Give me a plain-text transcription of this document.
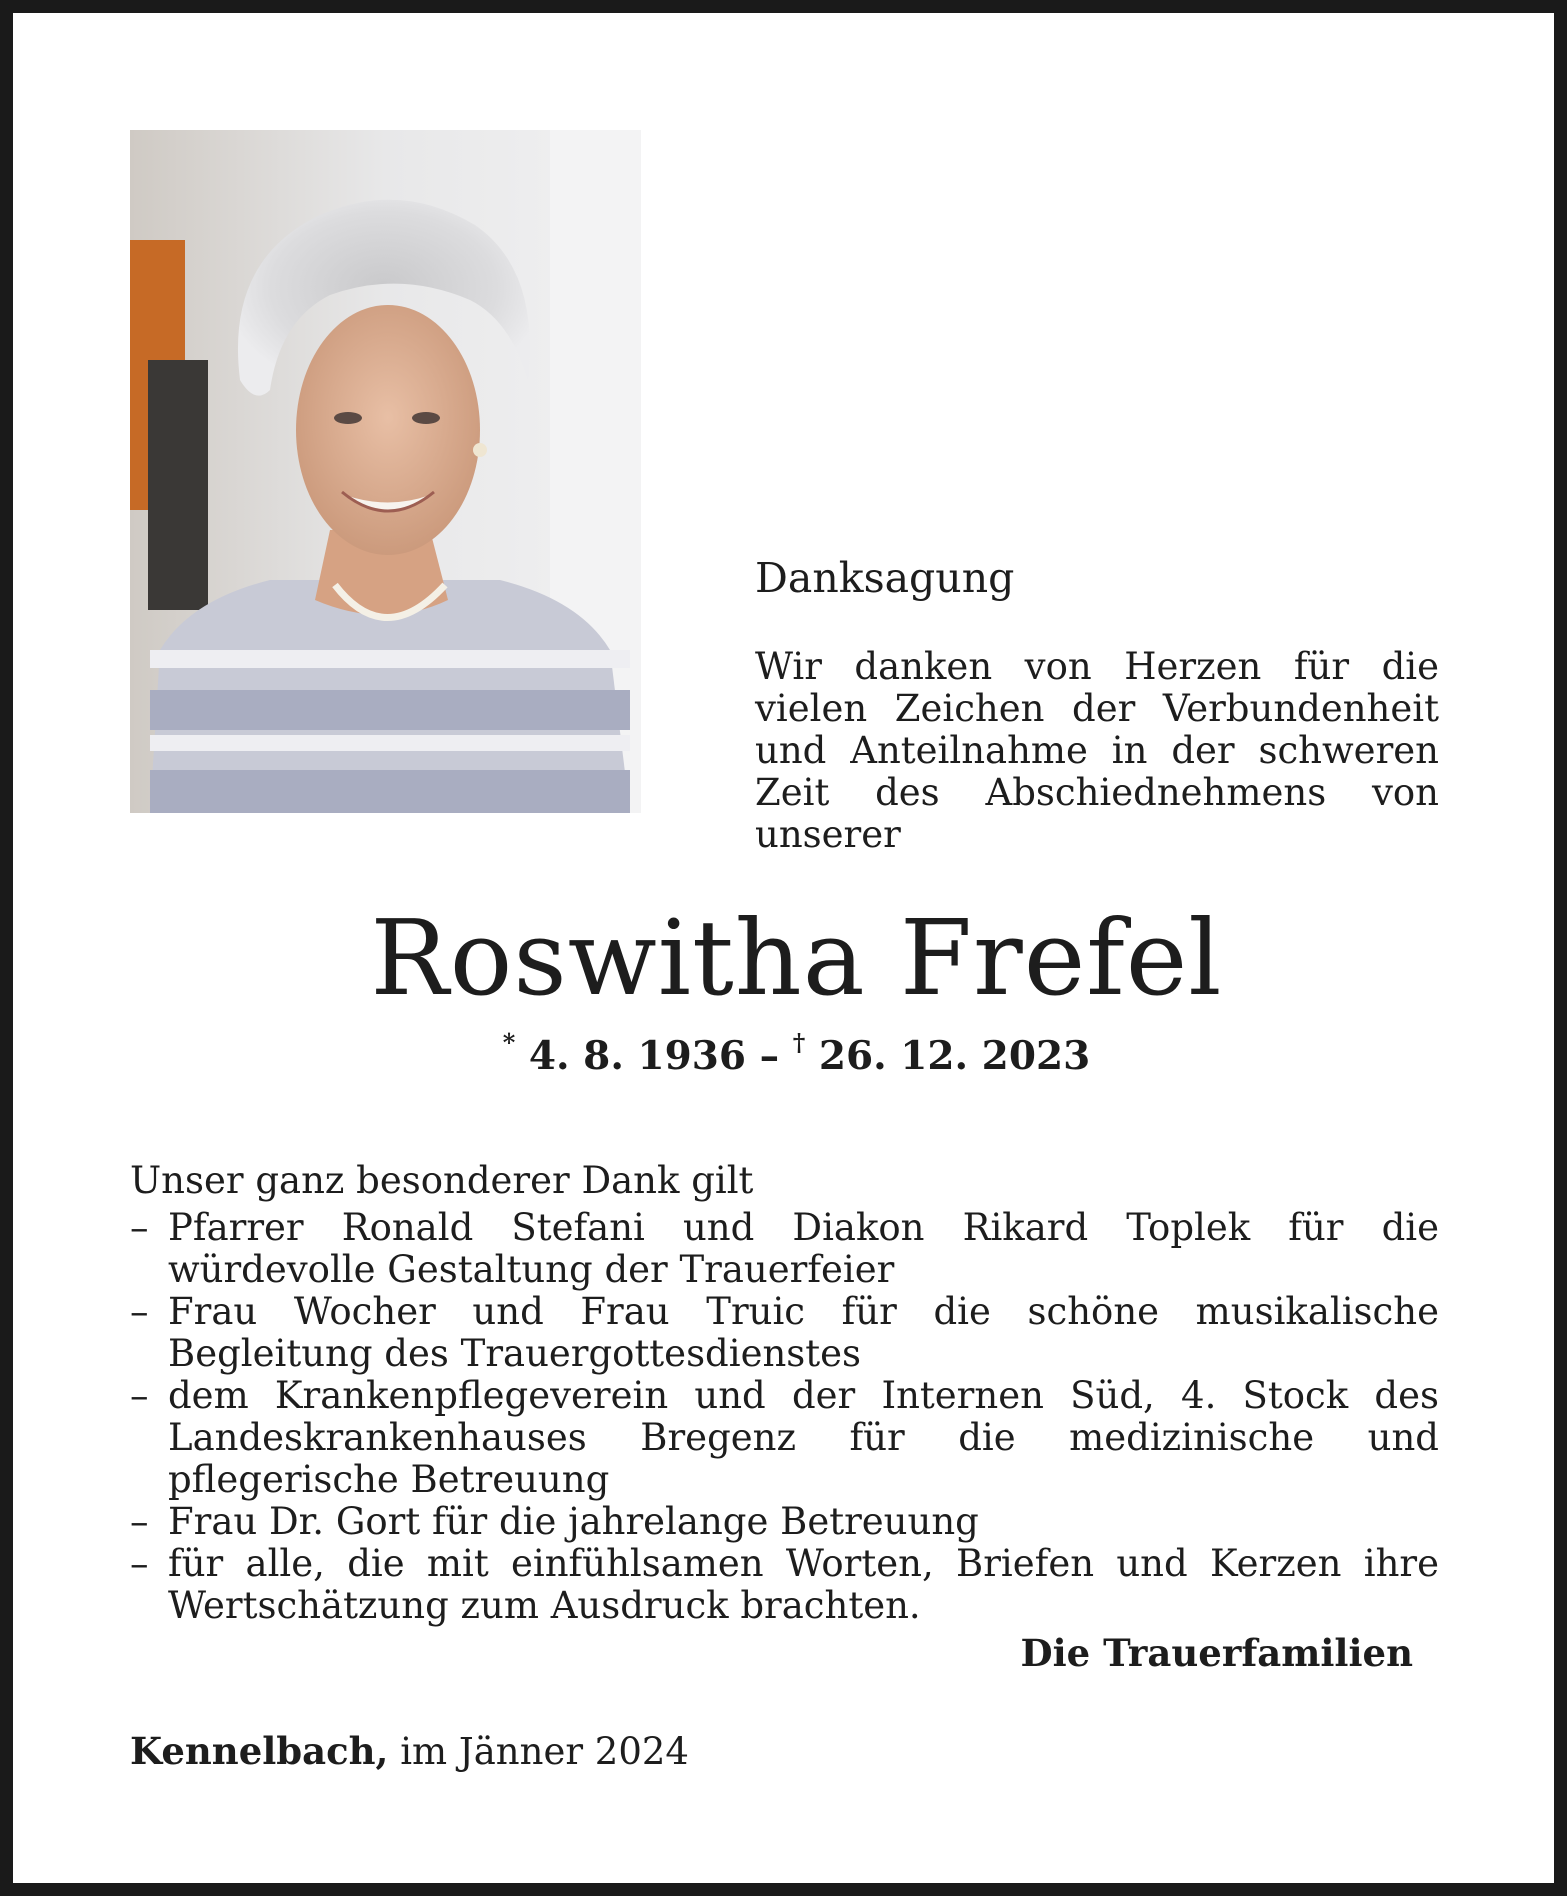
Danksagung

Wir danken von Herzen für die vielen Zeichen der Verbundenheit und Anteilnahme in der schweren Zeit des Abschiednehmens von unserer

Roswitha Frefel
* 4. 8. 1936 – † 26. 12. 2023

Unser ganz besonderer Dank gilt

– Pfarrer Ronald Stefani und Diakon Rikard Toplek für die würdevolle Gestaltung der Trauerfeier
– Frau Wocher und Frau Truic für die schöne musikalische Begleitung des Trauergottesdienstes
– dem Krankenpflegeverein und der Internen Süd, 4. Stock des Landeskrankenhauses Bregenz für die medizinische und pflegerische Betreuung
– Frau Dr. Gort für die jahrelange Betreuung
– für alle, die mit einfühlsamen Worten, Briefen und Kerzen ihre Wertschätzung zum Ausdruck brachten.
Die Trauerfamilien
Kennelbach, im Jänner 2024
